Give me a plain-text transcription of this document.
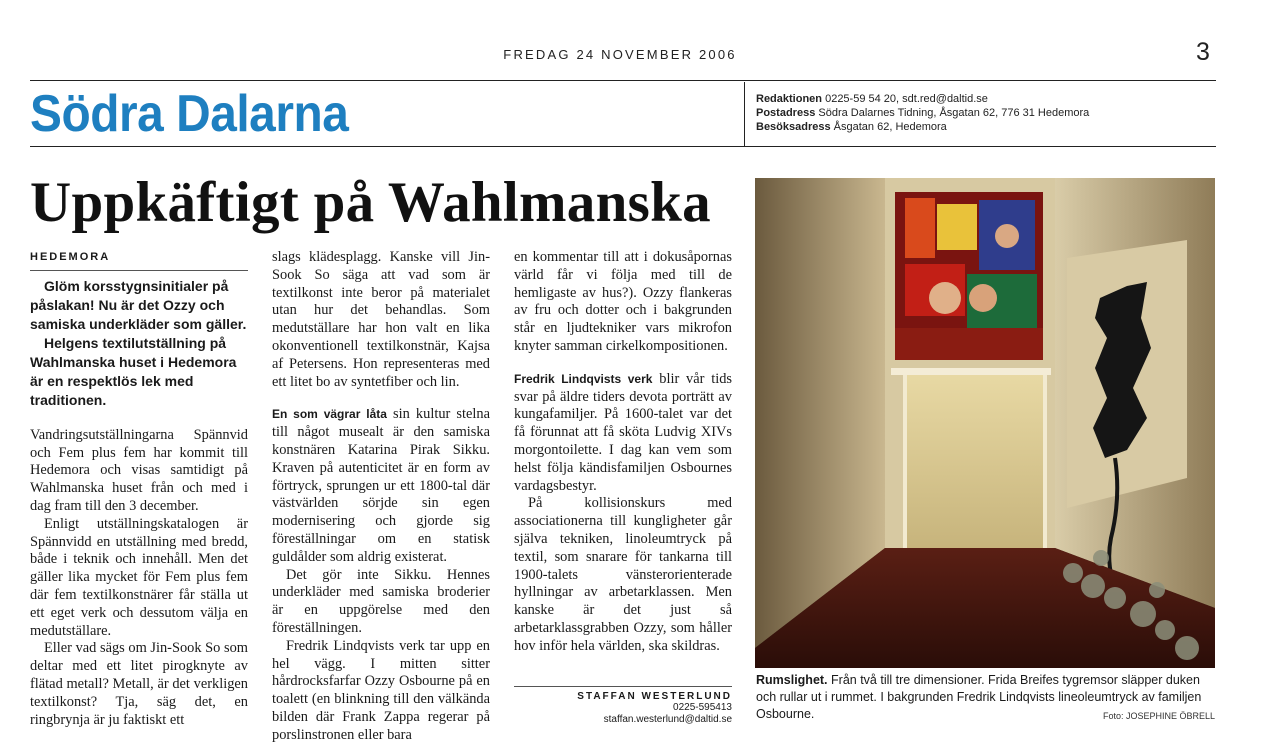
FREDAG 24 NOVEMBER 2006	3
Södra Dalarna	Redaktionen 0225-59 54 20, sdt.red@daltid.se
Postadress Södra Dalarnes Tidning, Åsgatan 62, 776 31 Hedemora
Besöksadress Åsgatan 62, Hedemora
Uppkäftigt på Wahlmanska
HEDEMORA

Glöm korsstygnsinitialer på påslakan! Nu är det Ozzy och samiska underkläder som gäller.

Helgens textilutställning på Wahlmanska huset i Hedemora är en respektlös lek med traditionen.

Vandringsutställningarna Spännvid och Fem plus fem har kommit till Hedemora och visas samtidigt på Wahlmanska huset från och med i dag fram till den 3 december.

Enligt utställningskatalogen är Spännvidd en utställning med bredd, både i teknik och innehåll. Men det gäller lika mycket för Fem plus fem där fem textilkonstnärer får ställa ut ett eget verk och dessutom välja en medutställare.

Eller vad sägs om Jin-Sook So som deltar med ett litet pirogknyte av flätad metall? Metall, är det verkligen textilkonst? Tja, säg det, en ringbrynja är ju faktiskt ett

slags klädesplagg. Kanske vill Jin-Sook So säga att vad som är textilkonst inte beror på materialet utan hur det behandlas. Som medutställare har hon valt en lika okonventionell textilkonstnär, Kajsa af Petersens. Hon representeras med ett litet bo av syntetfiber och lin.

En som vägrar låta sin kultur stelna till något musealt är den samiska konstnären Katarina Pirak Sikku. Kraven på autenticitet är en form av förtryck, sprungen ur ett 1800-tal där västvärlden sörjde sin egen modernisering och gjorde sig föreställningar om en statisk guldålder som aldrig existerat.

Det gör inte Sikku. Hennes underkläder med samiska broderier är en uppgörelse med den föreställningen.

Fredrik Lindqvists verk tar upp en hel vägg. I mitten sitter hårdrocksfarfar Ozzy Osbourne på en toalett (en blinkning till den välkända bilden där Frank Zappa regerar på porslinstronen eller bara

en kommentar till att i dokusåpornas värld får vi följa med till de hemligaste av hus?). Ozzy flankeras av fru och dotter och i bakgrunden står en ljudtekniker vars mikrofon knyter samman cirkelkompositionen.

Fredrik Lindqvists verk blir vår tids svar på äldre tiders devota porträtt av kungafamiljer. På 1600-talet var det få förunnat att få sköta Ludvig XIVs morgontoilette. I dag kan vem som helst följa kändisfamiljen Osbournes vardagsbestyr.

På kollisionskurs med associationerna till kungligheter går själva tekniken, linoleumtryck på textil, som snarare för tankarna till 1900-talets vänsterorienterade hyllningar av arbetarklassen. Men kanske är det just så arbetarklassgrabben Ozzy, som håller hov inför hela världen, ska skildras.

STAFFAN WESTERLUND
0225-595413
staffan.westerlund@daltid.se
Rumslighet. Från två till tre dimensioner. Frida Breifes tygremsor släpper duken och rullar ut i rummet. I bakgrunden Fredrik Lindqvists lineoleumtryck av familjen Osbourne.	Foto: JOSEPHINE ÖBRELL
